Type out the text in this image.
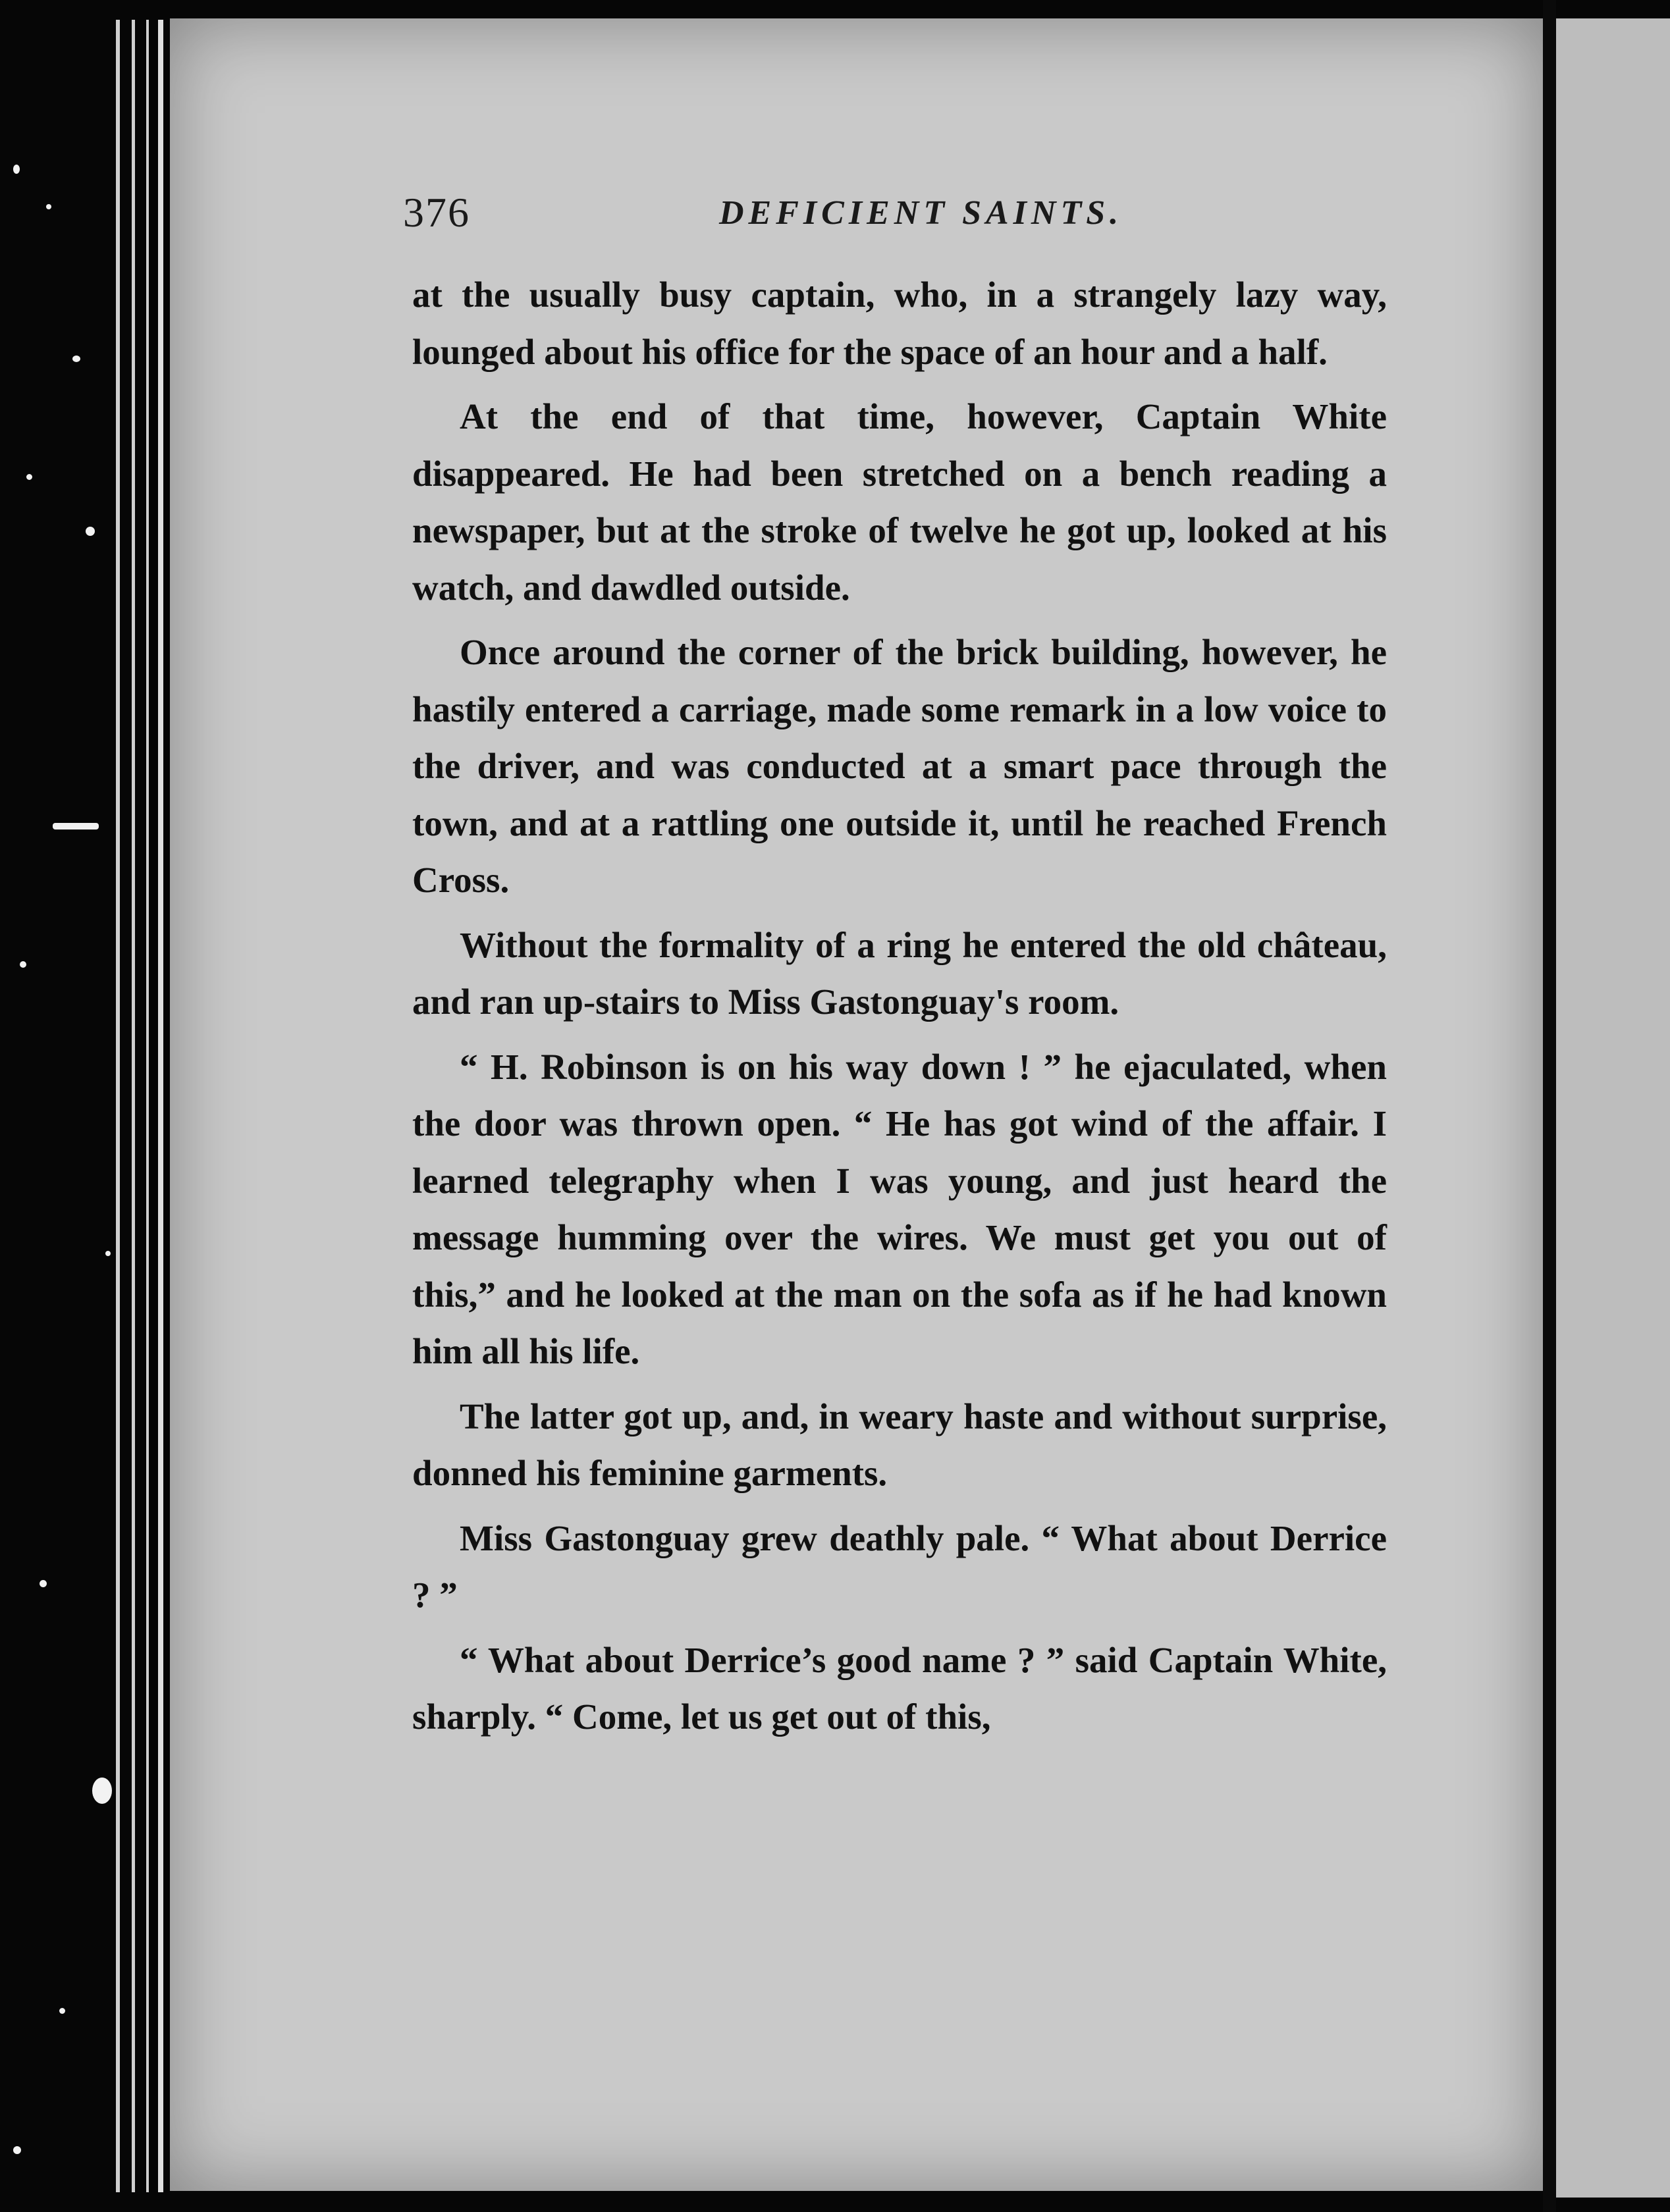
376	DEFICIENT SAINTS.

at the usually busy captain, who, in a strangely lazy way, lounged about his office for the space of an hour and a half.

At the end of that time, however, Captain White disappeared. He had been stretched on a bench reading a newspaper, but at the stroke of twelve he got up, looked at his watch, and dawdled outside.

Once around the corner of the brick building, however, he hastily entered a carriage, made some remark in a low voice to the driver, and was conducted at a smart pace through the town, and at a rattling one outside it, until he reached French Cross.

Without the formality of a ring he entered the old château, and ran up-stairs to Miss Gastonguay's room.

“ H. Robinson is on his way down ! ” he ejaculated, when the door was thrown open. “ He has got wind of the affair. I learned telegraphy when I was young, and just heard the message humming over the wires. We must get you out of this,” and he looked at the man on the sofa as if he had known him all his life.

The latter got up, and, in weary haste and without surprise, donned his feminine garments.

Miss Gastonguay grew deathly pale. “ What about Derrice ? ”

“ What about Derrice’s good name ? ” said Captain White, sharply. “ Come, let us get out of this,
